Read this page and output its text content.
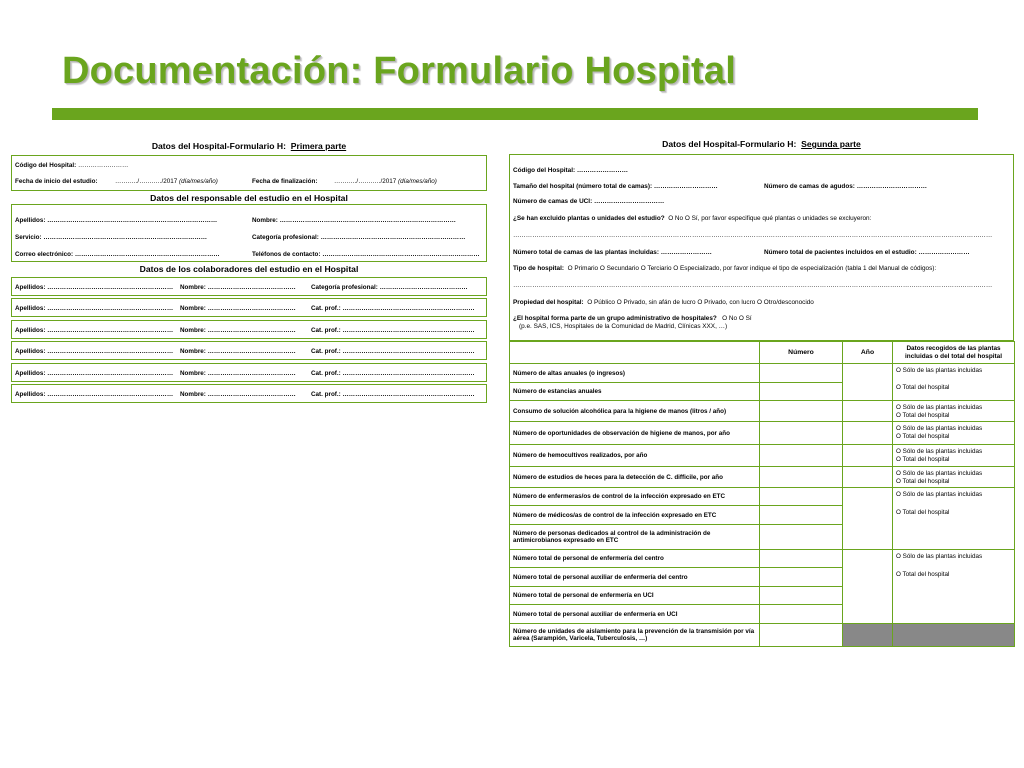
Documentación: Formulario Hospital
Datos del Hospital-Formulario H: Primera parte
Código del Hospital: ……………………
Fecha de inicio del estudio:	……..…/……..…/2017 (día/mes/año)	Fecha de finalización:	……..…/……..…/2017 (día/mes/año)
Datos del responsable del estudio en el Hospital
Apellidos: ………………………………………………………………………	Nombre: …………………………………………………………………………
Servicio: ……………………………………………………………………	Categoría profesional: ……………………………………………………………
Correo electrónico: ……………………………………………………………	Teléfonos de contacto: …………………………………………………………………
Datos de los colaboradores del estudio en el Hospital
Apellidos: …………………………………………………… Nombre: …………………………………… Categoría profesional: ……………………………………
Apellidos: …………………………………………………… Nombre: …………………………………… Cat. prof.: ………………………………………………………
Apellidos: …………………………………………………… Nombre: …………………………………… Cat. prof.: ………………………………………………………
Apellidos: …………………………………………………… Nombre: …………………………………… Cat. prof.: ………………………………………………………
Apellidos: …………………………………………………… Nombre: …………………………………… Cat. prof.: ………………………………………………………
Apellidos: …………………………………………………… Nombre: …………………………………… Cat. prof.: ………………………………………………………
Datos del Hospital-Formulario H: Segunda parte
Código del Hospital: ……………………
Tamaño del hospital (número total de camas): …………………………	Número de camas de agudos: ……………………………
Número de camas de UCI: ……………………………
¿Se han excluido plantas o unidades del estudio? O No O Sí, por favor especifique qué plantas o unidades se excluyeron:
………………………………………………………………………………………………………………………………………………………………………………………………………
Número total de camas de las plantas incluidas: ……………………	Número total de pacientes incluidos en el estudio: ……………………
Tipo de hospital: O Primario O Secundario O Terciario O Especializado, por favor indique el tipo de especialización (tabla 1 del Manual de códigos):
………………………………………………………………………………………………………………………………………………………………………………………………………
Propiedad del hospital: O Público O Privado, sin afán de lucro O Privado, con lucro O Otro/desconocido
¿El hospital forma parte de un grupo administrativo de hospitales? O No O Sí
(p.e. SAS, ICS, Hospitales de la Comunidad de Madrid, Clínicas XXX, …)
	Número	Año	Datos recogidos de las plantas incluidas o del total del hospital
Número de altas anuales (o ingresos)			O Sólo de las plantas incluidas
O Total del hospital

Número de estancias anuales			
Consumo de solución alcohólica para la higiene de manos (litros / año)			O Sólo de las plantas incluidas
O Total del hospital

Número de oportunidades de observación de higiene de manos, por año			O Sólo de las plantas incluidas
O Total del hospital

Número de hemocultivos realizados, por año			O Sólo de las plantas incluidas
O Total del hospital

Número de estudios de heces para la detección de C. difficile, por año			O Sólo de las plantas incluidas
O Total del hospital

Número de enfermeras/os de control de la infección expresado en ETC			O Sólo de las plantas incluidas
O Total del hospital

Número de médicos/as de control de la infección expresado en ETC			
Número de personas dedicados al control de la administración de antimicrobianos expresado en ETC			
Número total de personal de enfermería del centro			O Sólo de las plantas incluidas
O Total del hospital

Número total de personal auxiliar de enfermería del centro			
Número total de personal de enfermería en UCI			
Número total de personal auxiliar de enfermería en UCI			
Número de unidades de aislamiento para la prevención de la transmisión por vía aérea (Sarampión, Varicela, Tuberculosis, …)			
